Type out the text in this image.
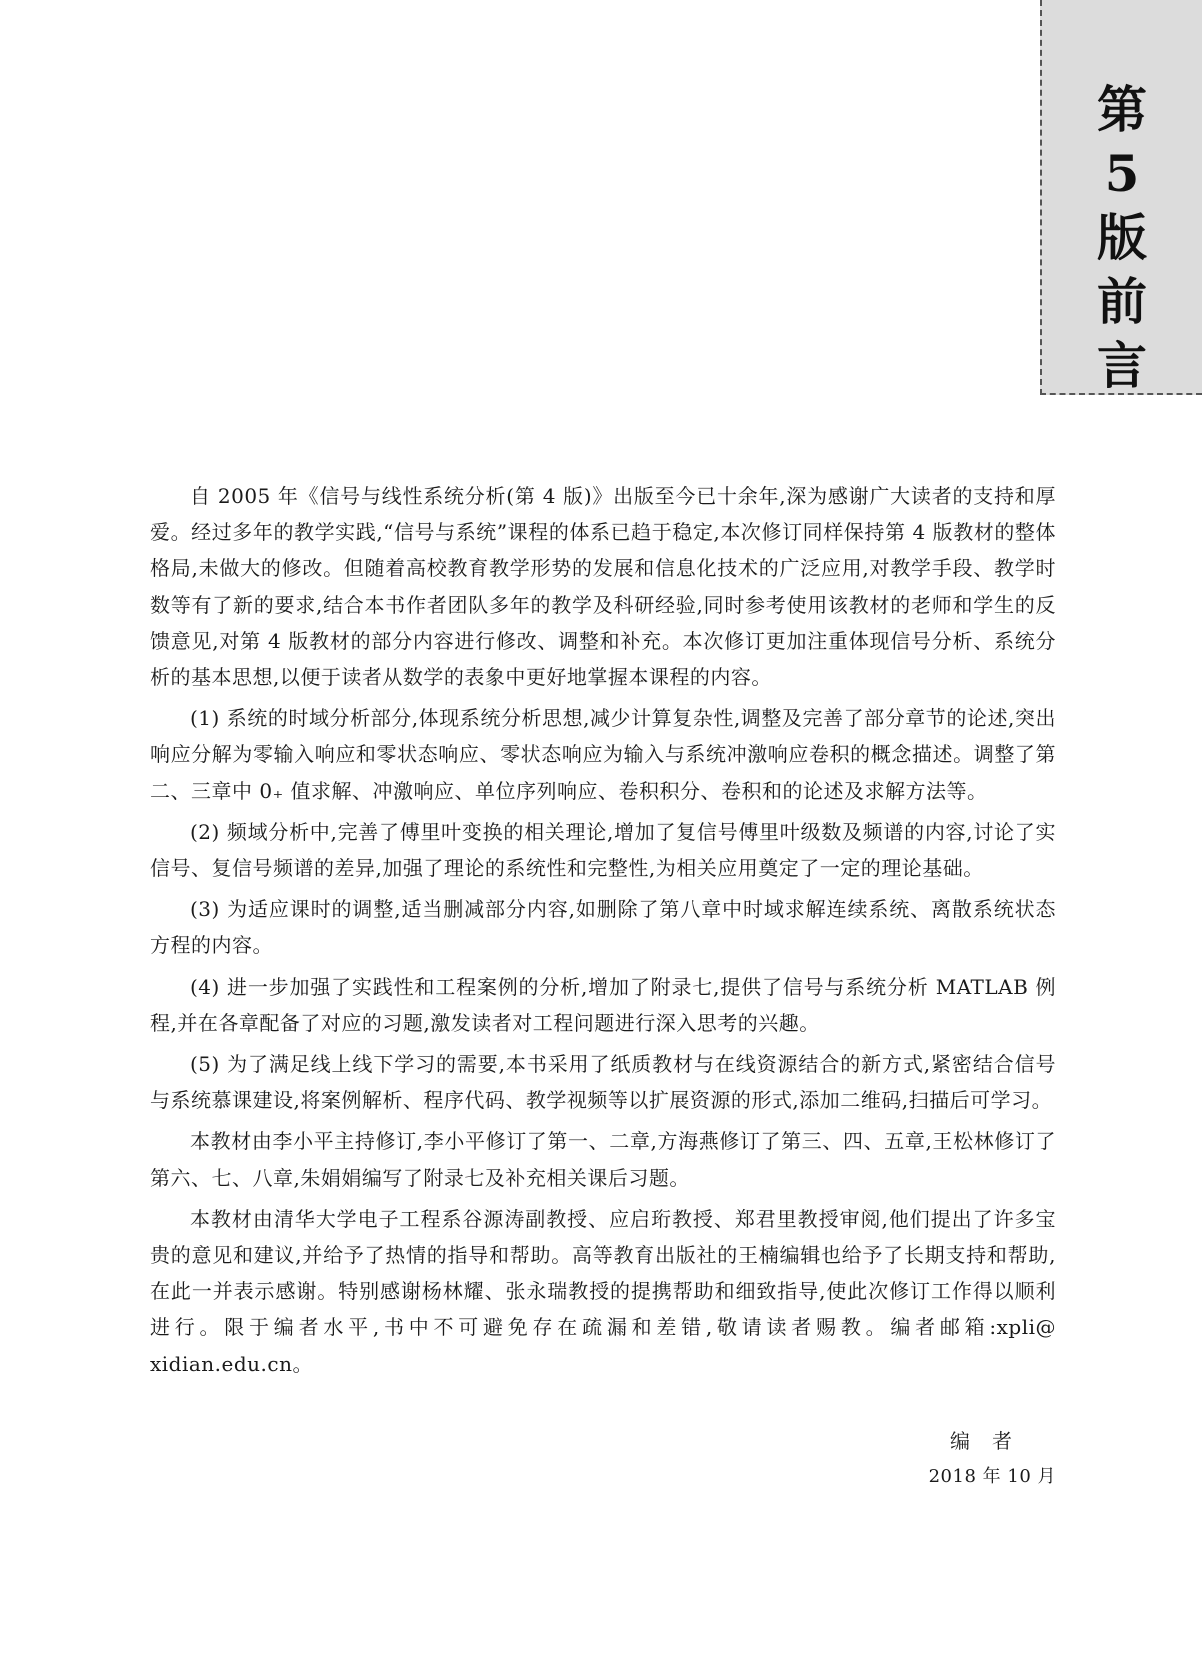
第
5
版
前
言

自 2005 年《信号与线性系统分析(第 4 版)》出版至今已十余年,深为感谢广大读者的支持和厚爱。经过多年的教学实践,“信号与系统”课程的体系已趋于稳定,本次修订同样保持第 4 版教材的整体格局,未做大的修改。但随着高校教育教学形势的发展和信息化技术的广泛应用,对教学手段、教学时数等有了新的要求,结合本书作者团队多年的教学及科研经验,同时参考使用该教材的老师和学生的反馈意见,对第 4 版教材的部分内容进行修改、调整和补充。本次修订更加注重体现信号分析、系统分析的基本思想,以便于读者从数学的表象中更好地掌握本课程的内容。

(1) 系统的时域分析部分,体现系统分析思想,减少计算复杂性,调整及完善了部分章节的论述,突出响应分解为零输入响应和零状态响应、零状态响应为输入与系统冲激响应卷积的概念描述。调整了第二、三章中 0₊ 值求解、冲激响应、单位序列响应、卷积积分、卷积和的论述及求解方法等。

(2) 频域分析中,完善了傅里叶变换的相关理论,增加了复信号傅里叶级数及频谱的内容,讨论了实信号、复信号频谱的差异,加强了理论的系统性和完整性,为相关应用奠定了一定的理论基础。

(3) 为适应课时的调整,适当删减部分内容,如删除了第八章中时域求解连续系统、离散系统状态方程的内容。

(4) 进一步加强了实践性和工程案例的分析,增加了附录七,提供了信号与系统分析 MATLAB 例程,并在各章配备了对应的习题,激发读者对工程问题进行深入思考的兴趣。

(5) 为了满足线上线下学习的需要,本书采用了纸质教材与在线资源结合的新方式,紧密结合信号与系统慕课建设,将案例解析、程序代码、教学视频等以扩展资源的形式,添加二维码,扫描后可学习。

本教材由李小平主持修订,李小平修订了第一、二章,方海燕修订了第三、四、五章,王松林修订了第六、七、八章,朱娟娟编写了附录七及补充相关课后习题。

本教材由清华大学电子工程系谷源涛副教授、应启珩教授、郑君里教授审阅,他们提出了许多宝贵的意见和建议,并给予了热情的指导和帮助。高等教育出版社的王楠编辑也给予了长期支持和帮助,在此一并表示感谢。特别感谢杨林耀、张永瑞教授的提携帮助和细致指导,使此次修订工作得以顺利进行。限于编者水平,书中不可避免存在疏漏和差错,敬请读者赐教。编者邮箱:xpli@ xidian.edu.cn。

编者
2018 年 10 月
